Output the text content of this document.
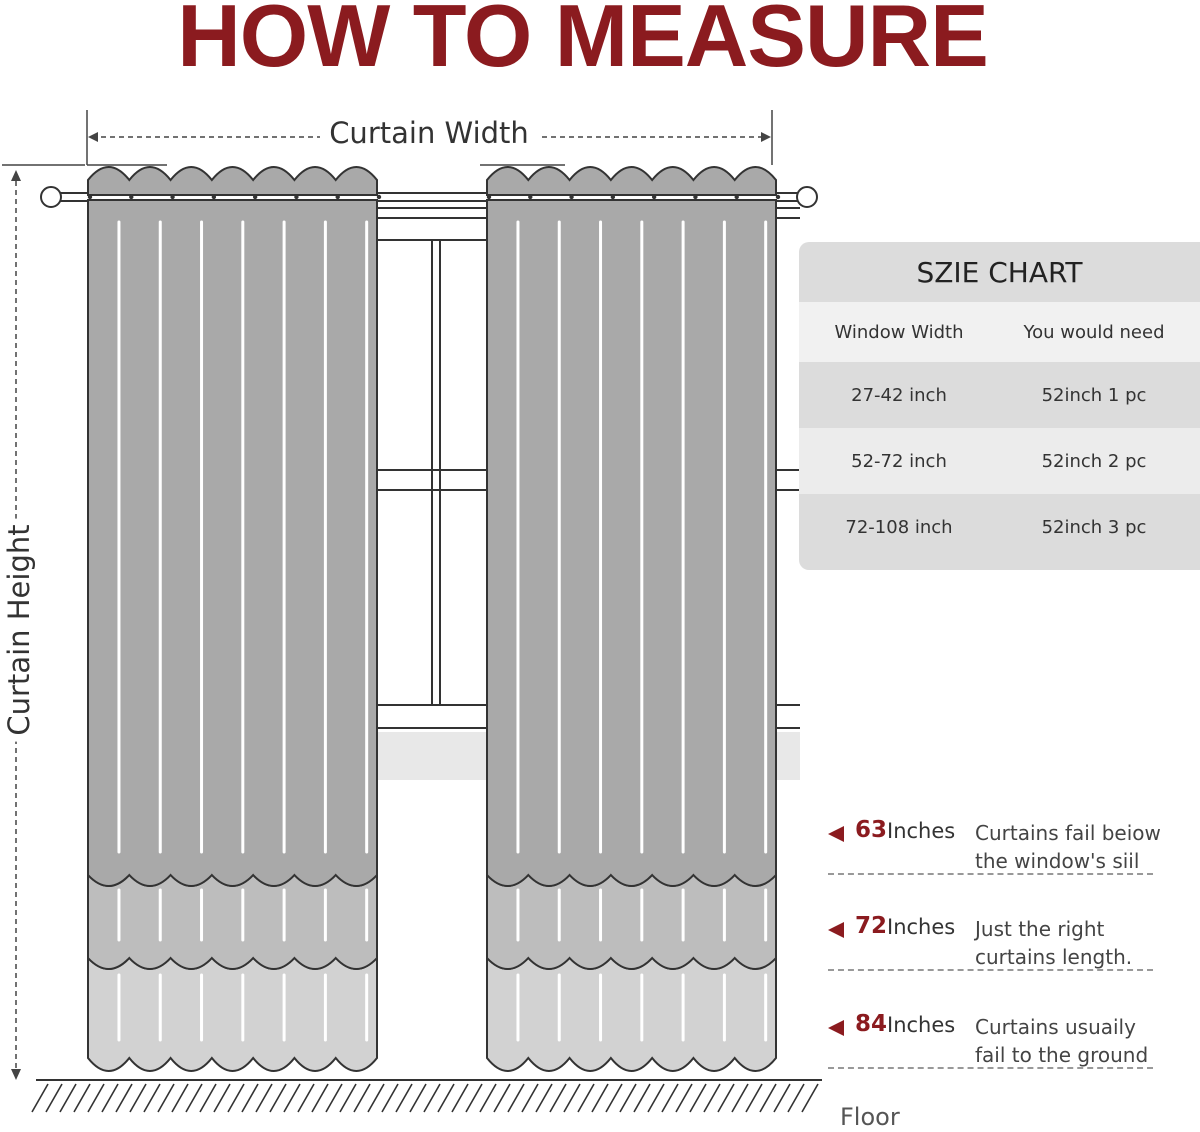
HOW TO MEASURE
Curtain Width
Curtain Height
Floor
SZIE CHART
Window Width	You would need
27-42 inch	52inch 1 pc
52-72 inch	52inch 2 pc
72-108 inch	52inch 3 pc
63 Inches Curtains fail beiow the window's siil
72 Inches Just the right curtains length.
84 Inches Curtains usuaily fail to the ground
